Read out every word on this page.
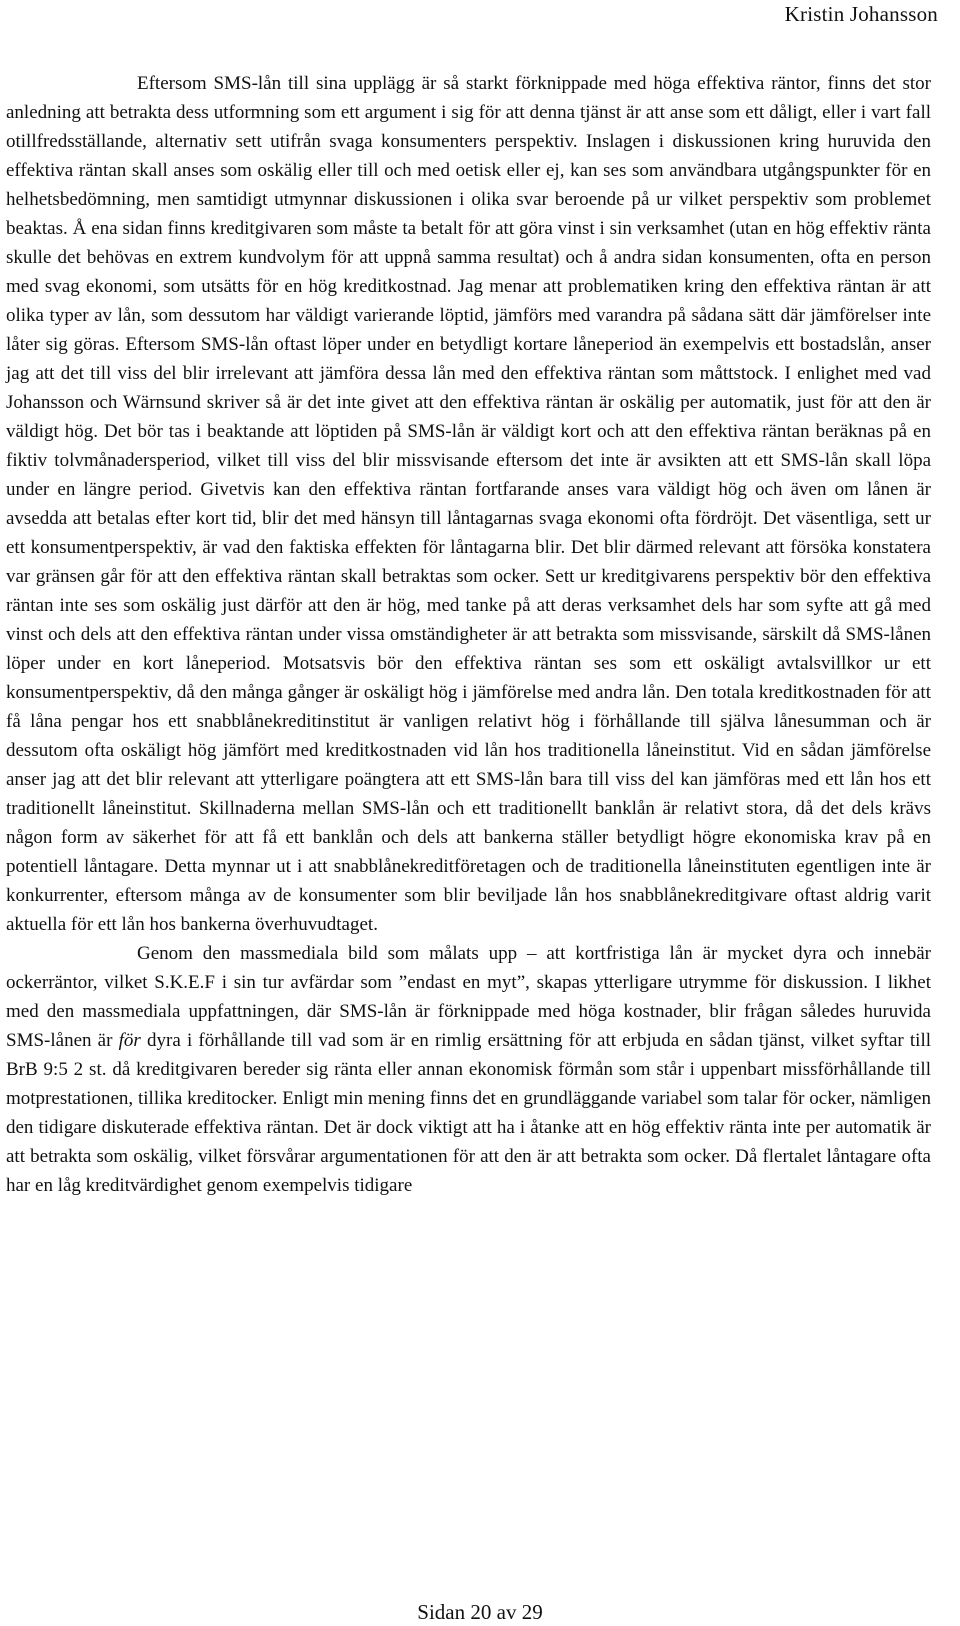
Kristin Johansson

Eftersom SMS-lån till sina upplägg är så starkt förknippade med höga effektiva räntor, finns det stor anledning att betrakta dess utformning som ett argument i sig för att denna tjänst är att anse som ett dåligt, eller i vart fall otillfredsställande, alternativ sett utifrån svaga konsumenters perspektiv. Inslagen i diskussionen kring huruvida den effektiva räntan skall anses som oskälig eller till och med oetisk eller ej, kan ses som användbara utgångspunkter för en helhetsbedömning, men samtidigt utmynnar diskussionen i olika svar beroende på ur vilket perspektiv som problemet beaktas. Å ena sidan finns kreditgivaren som måste ta betalt för att göra vinst i sin verksamhet (utan en hög effektiv ränta skulle det behövas en extrem kundvolym för att uppnå samma resultat) och å andra sidan konsumenten, ofta en person med svag ekonomi, som utsätts för en hög kreditkostnad. Jag menar att problematiken kring den effektiva räntan är att olika typer av lån, som dessutom har väldigt varierande löptid, jämförs med varandra på sådana sätt där jämförelser inte låter sig göras. Eftersom SMS-lån oftast löper under en betydligt kortare låneperiod än exempelvis ett bostadslån, anser jag att det till viss del blir irrelevant att jämföra dessa lån med den effektiva räntan som måttstock. I enlighet med vad Johansson och Wärnsund skriver så är det inte givet att den effektiva räntan är oskälig per automatik, just för att den är väldigt hög. Det bör tas i beaktande att löptiden på SMS-lån är väldigt kort och att den effektiva räntan beräknas på en fiktiv tolvmånadersperiod, vilket till viss del blir missvisande eftersom det inte är avsikten att ett SMS-lån skall löpa under en längre period. Givetvis kan den effektiva räntan fortfarande anses vara väldigt hög och även om lånen är avsedda att betalas efter kort tid, blir det med hänsyn till låntagarnas svaga ekonomi ofta fördröjt. Det väsentliga, sett ur ett konsumentperspektiv, är vad den faktiska effekten för låntagarna blir. Det blir därmed relevant att försöka konstatera var gränsen går för att den effektiva räntan skall betraktas som ocker. Sett ur kreditgivarens perspektiv bör den effektiva räntan inte ses som oskälig just därför att den är hög, med tanke på att deras verksamhet dels har som syfte att gå med vinst och dels att den effektiva räntan under vissa omständigheter är att betrakta som missvisande, särskilt då SMS-lånen löper under en kort låneperiod. Motsatsvis bör den effektiva räntan ses som ett oskäligt avtalsvillkor ur ett konsumentperspektiv, då den många gånger är oskäligt hög i jämförelse med andra lån. Den totala kreditkostnaden för att få låna pengar hos ett snabblånekreditinstitut är vanligen relativt hög i förhållande till själva lånesumman och är dessutom ofta oskäligt hög jämfört med kreditkostnaden vid lån hos traditionella låneinstitut. Vid en sådan jämförelse anser jag att det blir relevant att ytterligare poängtera att ett SMS-lån bara till viss del kan jämföras med ett lån hos ett traditionellt låneinstitut. Skillnaderna mellan SMS-lån och ett traditionellt banklån är relativt stora, då det dels krävs någon form av säkerhet för att få ett banklån och dels att bankerna ställer betydligt högre ekonomiska krav på en potentiell låntagare. Detta mynnar ut i att snabblånekreditföretagen och de traditionella låneinstituten egentligen inte är konkurrenter, eftersom många av de konsumenter som blir beviljade lån hos snabblånekreditgivare oftast aldrig varit aktuella för ett lån hos bankerna överhuvudtaget.

Genom den massmediala bild som målats upp – att kortfristiga lån är mycket dyra och innebär ockerräntor, vilket S.K.E.F i sin tur avfärdar som ”endast en myt”, skapas ytterligare utrymme för diskussion. I likhet med den massmediala uppfattningen, där SMS-lån är förknippade med höga kostnader, blir frågan således huruvida SMS-lånen är för dyra i förhållande till vad som är en rimlig ersättning för att erbjuda en sådan tjänst, vilket syftar till BrB 9:5 2 st. då kreditgivaren bereder sig ränta eller annan ekonomisk förmån som står i uppenbart missförhållande till motprestationen, tillika kreditocker. Enligt min mening finns det en grundläggande variabel som talar för ocker, nämligen den tidigare diskuterade effektiva räntan. Det är dock viktigt att ha i åtanke att en hög effektiv ränta inte per automatik är att betrakta som oskälig, vilket försvårar argumentationen för att den är att betrakta som ocker. Då flertalet låntagare ofta har en låg kreditvärdighet genom exempelvis tidigare

Sidan 20 av 29
